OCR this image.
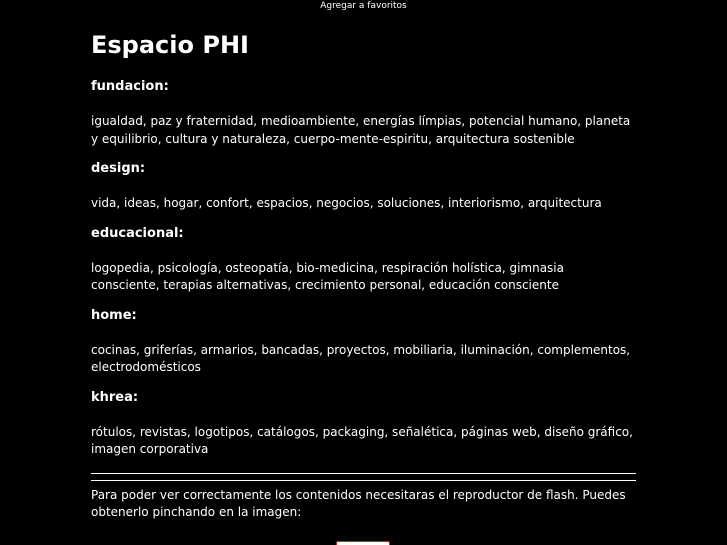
Agregar a favoritos
Espacio PHI

fundacion:

igualdad, paz y fraternidad, medioambiente, energías límpias, potencial humano, planeta y equilibrio, cultura y naturaleza, cuerpo-mente-espiritu, arquitectura sostenible

design:

vida, ideas, hogar, confort, espacios, negocios, soluciones, interiorismo, arquitectura

educacional:

logopedia, psicología, osteopatía, bio-medicina, respiración holística, gimnasia consciente, terapias alternativas, crecimiento personal, educación consciente

home:

cocinas, griferías, armarios, bancadas, proyectos, mobiliaria, iluminación, complementos, electrodomésticos

khrea:

rótulos, revistas, logotipos, catálogos, packaging, señalética, páginas web, diseño gráfico, imagen corporativa

Para poder ver correctamente los contenidos necesitaras el reproductor de flash. Puedes obtenerlo pinchando en la imagen:
